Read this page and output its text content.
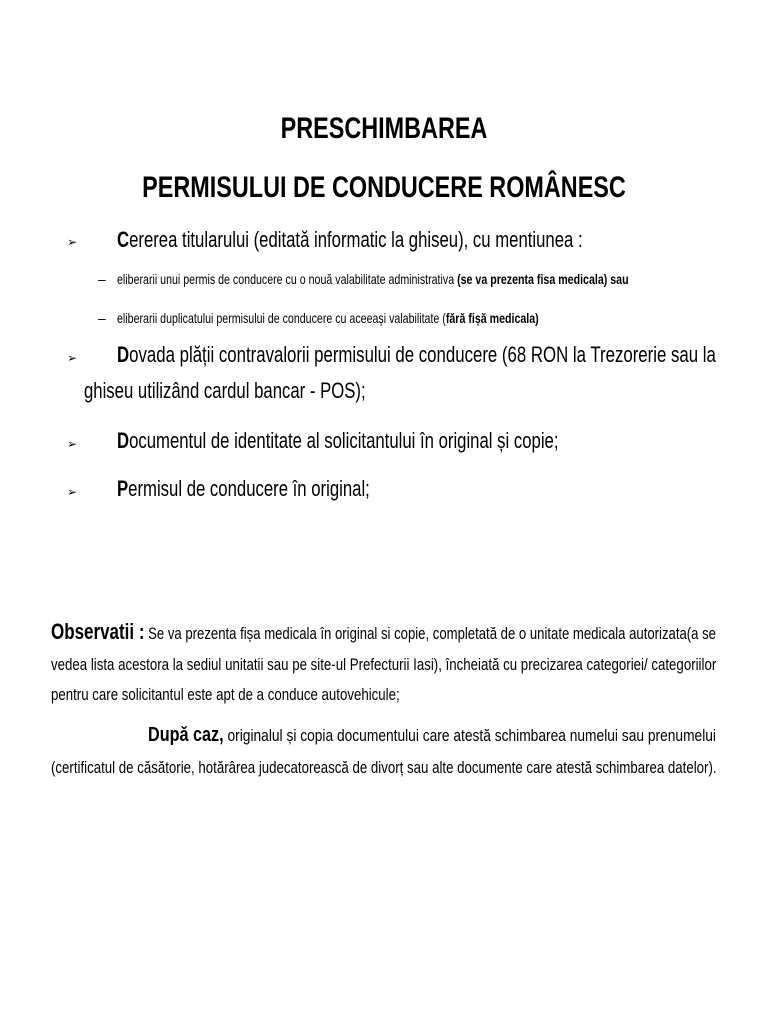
PRESCHIMBAREA
PERMISULUI DE CONDUCERE ROMÂNESC
➢ Cererea titularului (editată informatic la ghiseu), cu mentiunea :
– eliberarii unui permis de conducere cu o nouă valabilitate administrativa (se va prezenta fisa medicala) sau
– eliberarii duplicatului permisului de conducere cu aceeași valabilitate (fără fișă medicala)
➢ Dovada plății contravalorii permisului de conducere (68 RON la Trezorerie sau la
ghiseu utilizând cardul bancar - POS);
➢ Documentul de identitate al solicitantului în original și copie;
➢ Permisul de conducere în original;
Observatii : Se va prezenta fișa medicala în original si copie, completată de o unitate medicala autorizata(a se
vedea lista acestora la sediul unitatii sau pe site-ul Prefecturii Iasi), încheiată cu precizarea categoriei/ categoriilor
pentru care solicitantul este apt de a conduce autovehicule;
După caz, originalul și copia documentului care atestă schimbarea numelui sau prenumelui
(certificatul de căsătorie, hotărârea judecatorească de divorț sau alte documente care atestă schimbarea datelor).
